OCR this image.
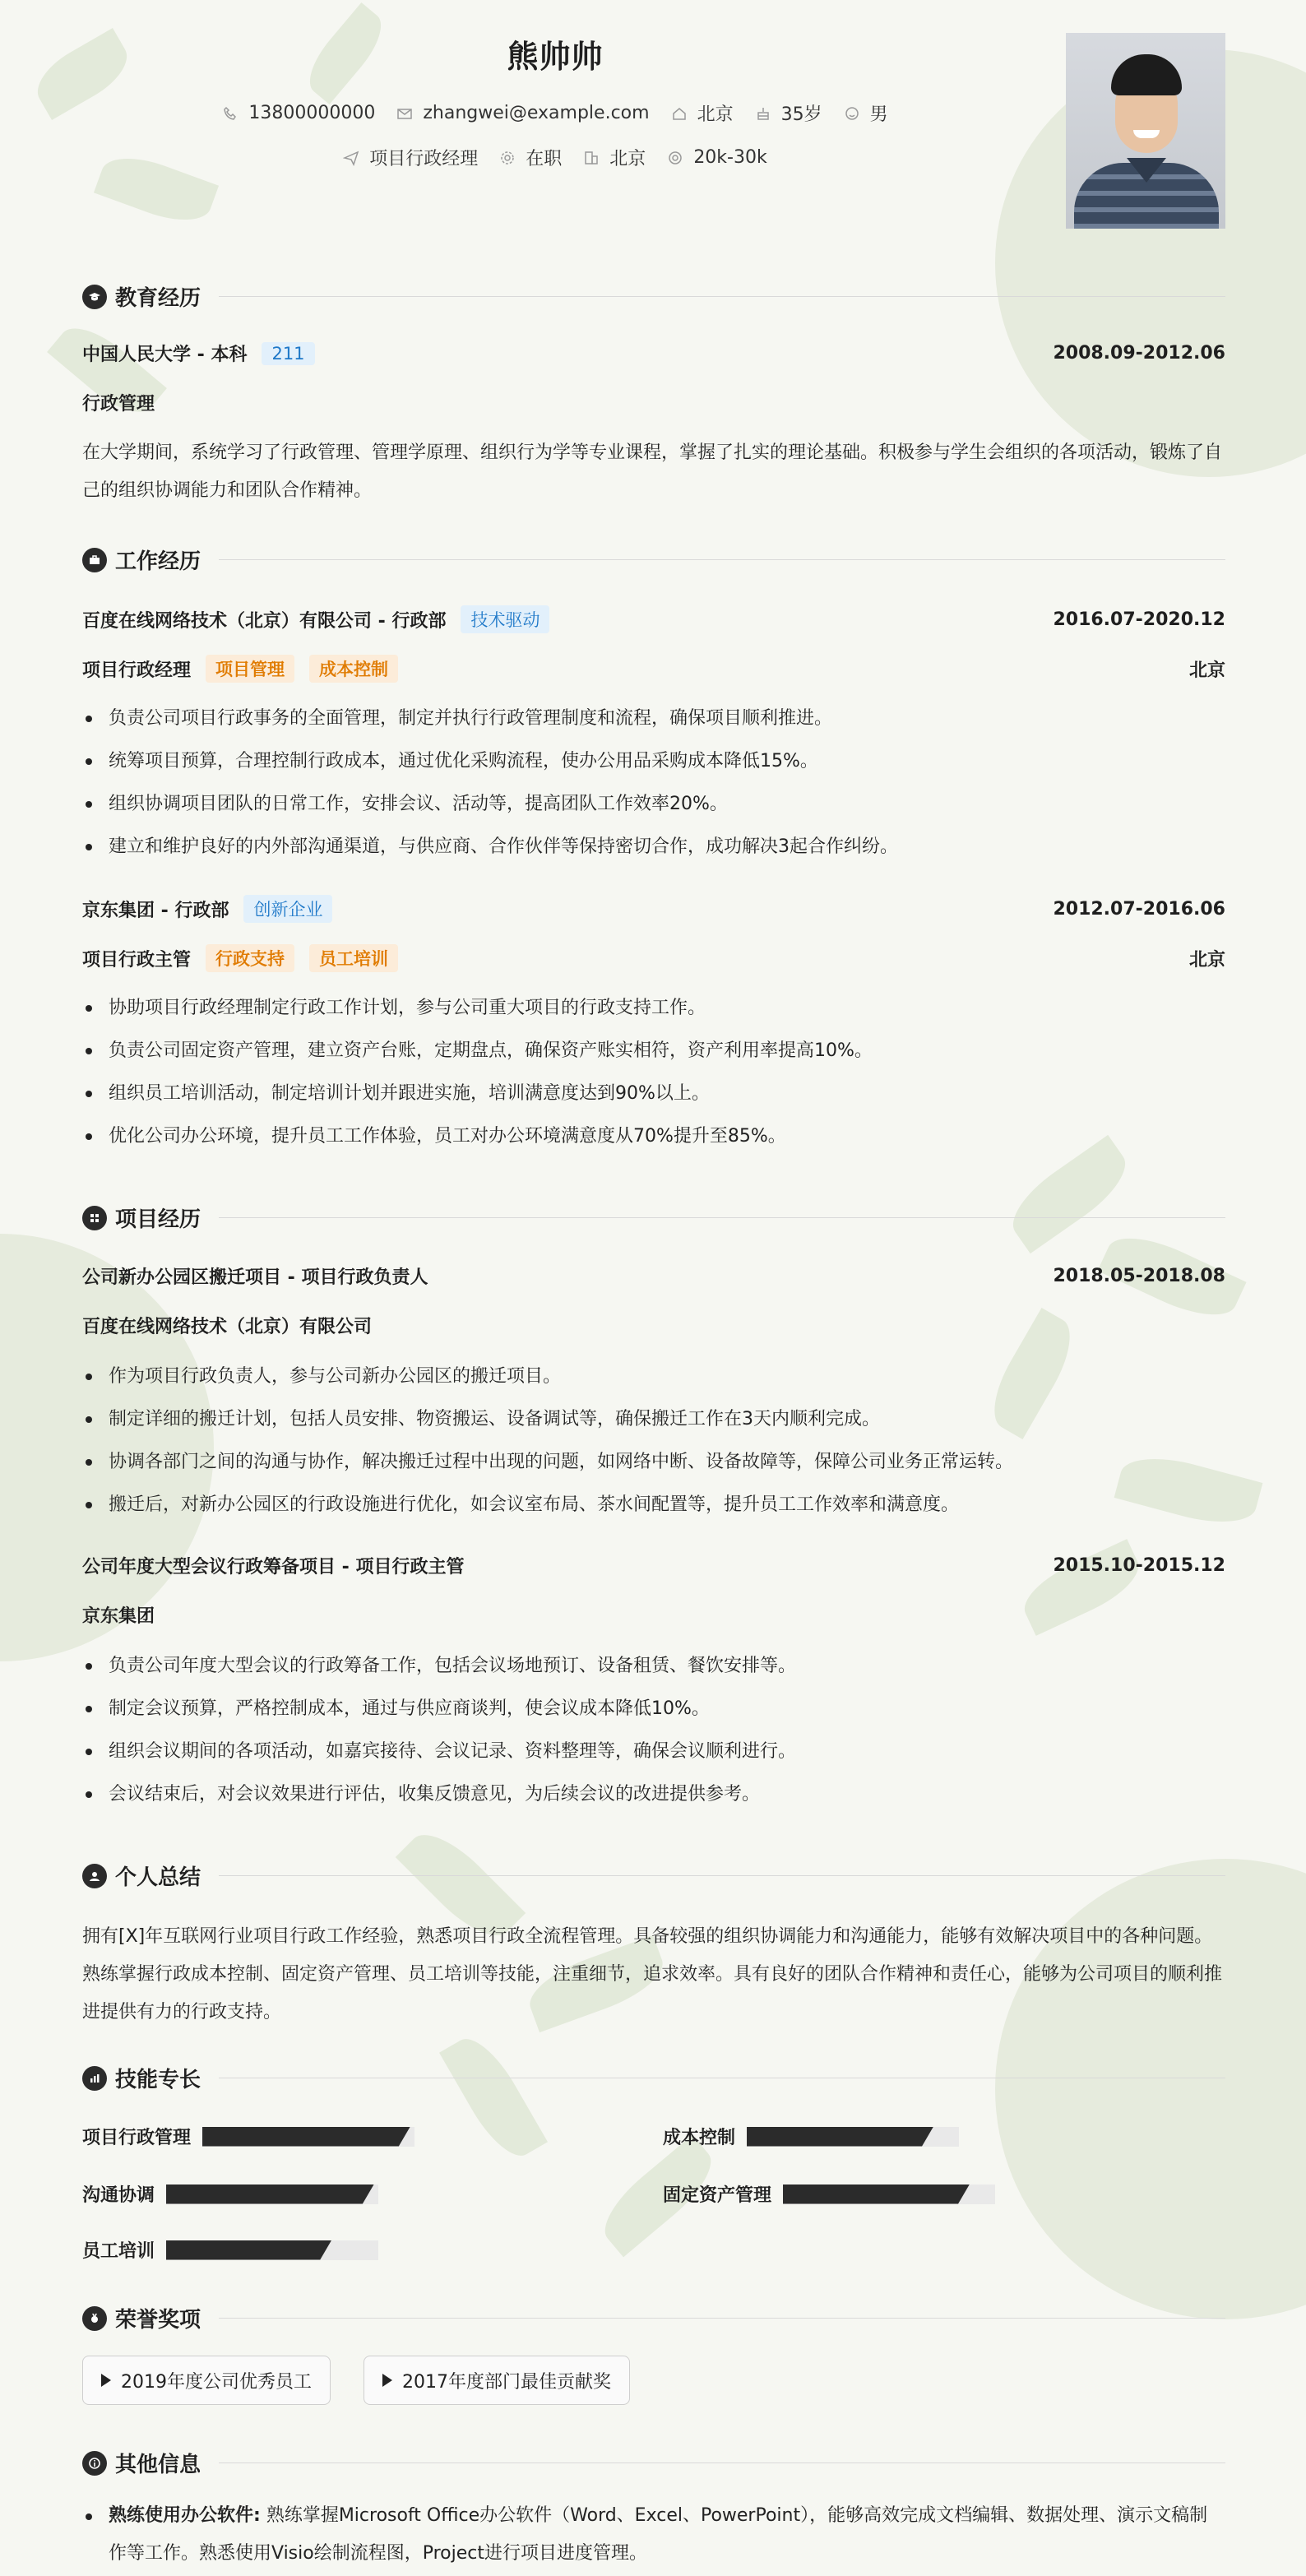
熊帅帅
13800000000	zhangwei@example.com	北京	35岁	男
项目行政经理	在职	北京	20k-30k
教育经历
中国人民大学 - 本科	211	2008.09-2012.06
行政管理
在大学期间，系统学习了行政管理、管理学原理、组织行为学等专业课程，掌握了扎实的理论基础。积极参与学生会组织的各项活动，锻炼了自己的组织协调能力和团队合作精神。
工作经历
百度在线网络技术（北京）有限公司 - 行政部	技术驱动	2016.07-2020.12
项目行政经理	项目管理	成本控制	北京
负责公司项目行政事务的全面管理，制定并执行行政管理制度和流程，确保项目顺利推进。
统筹项目预算，合理控制行政成本，通过优化采购流程，使办公用品采购成本降低15%。
组织协调项目团队的日常工作，安排会议、活动等，提高团队工作效率20%。
建立和维护良好的内外部沟通渠道，与供应商、合作伙伴等保持密切合作，成功解决3起合作纠纷。
京东集团 - 行政部	创新企业	2012.07-2016.06
项目行政主管	行政支持	员工培训	北京
协助项目行政经理制定行政工作计划，参与公司重大项目的行政支持工作。
负责公司固定资产管理，建立资产台账，定期盘点，确保资产账实相符，资产利用率提高10%。
组织员工培训活动，制定培训计划并跟进实施，培训满意度达到90%以上。
优化公司办公环境，提升员工工作体验，员工对办公环境满意度从70%提升至85%。
项目经历
公司新办公园区搬迁项目 - 项目行政负责人	2018.05-2018.08
百度在线网络技术（北京）有限公司
作为项目行政负责人，参与公司新办公园区的搬迁项目。
制定详细的搬迁计划，包括人员安排、物资搬运、设备调试等，确保搬迁工作在3天内顺利完成。
协调各部门之间的沟通与协作，解决搬迁过程中出现的问题，如网络中断、设备故障等，保障公司业务正常运转。
搬迁后，对新办公园区的行政设施进行优化，如会议室布局、茶水间配置等，提升员工工作效率和满意度。
公司年度大型会议行政筹备项目 - 项目行政主管	2015.10-2015.12
京东集团
负责公司年度大型会议的行政筹备工作，包括会议场地预订、设备租赁、餐饮安排等。
制定会议预算，严格控制成本，通过与供应商谈判，使会议成本降低10%。
组织会议期间的各项活动，如嘉宾接待、会议记录、资料整理等，确保会议顺利进行。
会议结束后，对会议效果进行评估，收集反馈意见，为后续会议的改进提供参考。
个人总结
拥有[X]年互联网行业项目行政工作经验，熟悉项目行政全流程管理。具备较强的组织协调能力和沟通能力，能够有效解决项目中的各种问题。熟练掌握行政成本控制、固定资产管理、员工培训等技能，注重细节，追求效率。具有良好的团队合作精神和责任心，能够为公司项目的顺利推进提供有力的行政支持。
技能专长
项目行政管理	成本控制
沟通协调	固定资产管理
员工培训
荣誉奖项
2019年度公司优秀员工	2017年度部门最佳贡献奖
其他信息
熟练使用办公软件: 熟练掌握Microsoft Office办公软件（Word、Excel、PowerPoint），能够高效完成文档编辑、数据处理、演示文稿制作等工作。熟悉使用Visio绘制流程图，Project进行项目进度管理。
